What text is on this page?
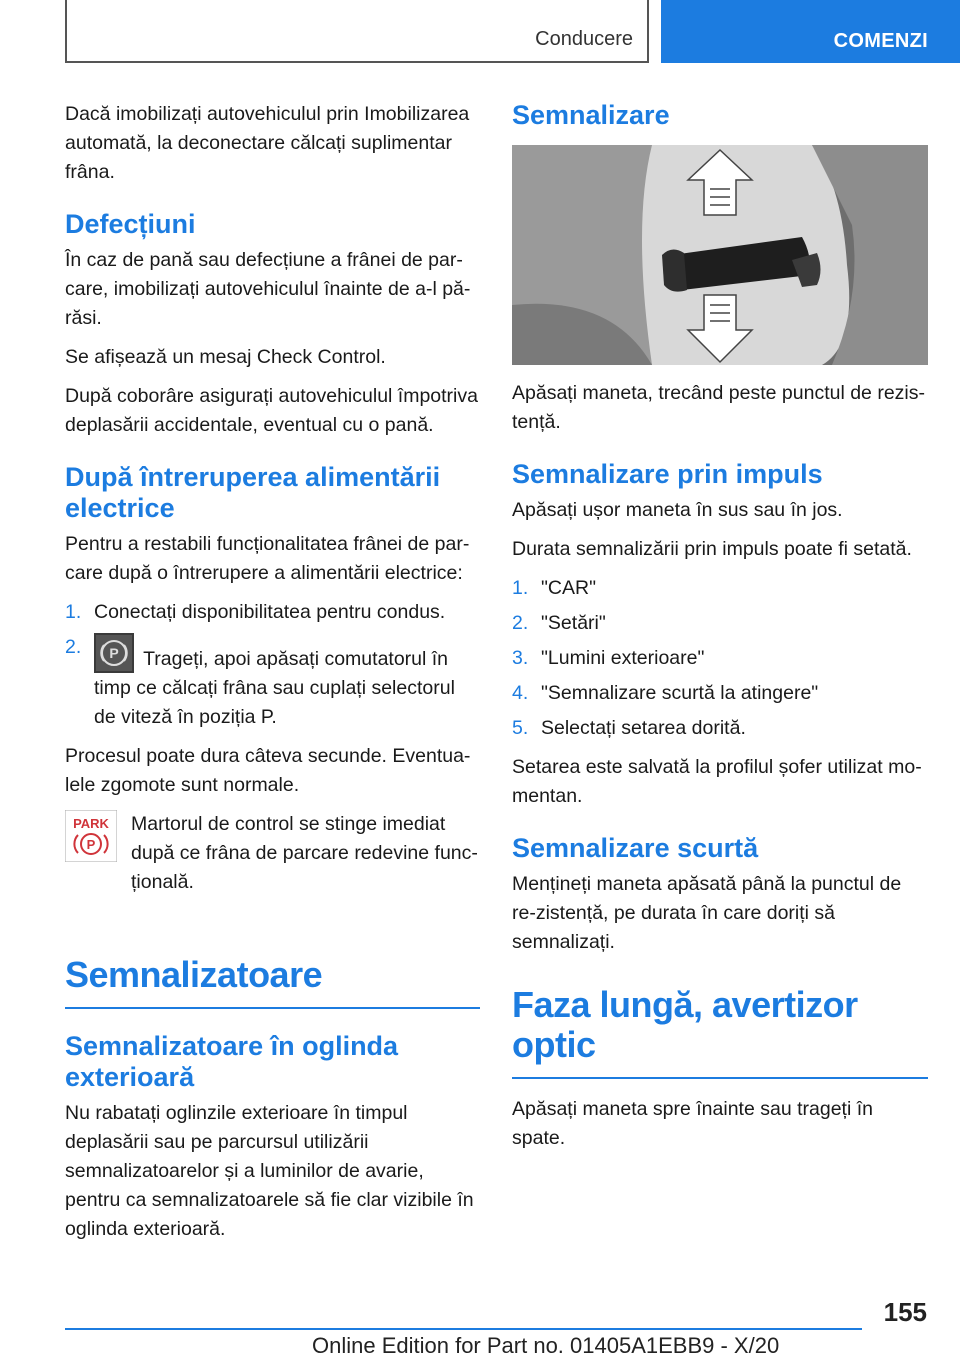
Conducere	COMENZI

Dacă imobilizați autovehiculul prin Imobilizarea automată, la deconectare călcați suplimentar frâna.

Defecțiuni

În caz de pană sau defecțiune a frânei de par-care, imobilizați autovehiculul înainte de a-l pă-răsi.

Se afișează un mesaj Check Control.

După coborâre asigurați autovehiculul împotriva deplasării accidentale, eventual cu o pană.

După întreruperea alimentării electrice

Pentru a restabili funcționalitatea frânei de par-care după o întrerupere a alimentării electrice:

1. Conectați disponibilitatea pentru condus.
2. P Trageți, apoi apăsați comutatorul în timp ce călcați frâna sau cuplați selectorul de viteză în poziția P.

Procesul poate dura câteva secunde. Eventua-lele zgomote sunt normale.

PARK
P
Martorul de control se stinge imediat după ce frâna de parcare redevine func-țională.
Semnalizatoare
Semnalizatoare în oglinda exterioară

Nu rabatați oglinzile exterioare în timpul deplasării sau pe parcursul utilizării semnalizatoarelor și a luminilor de avarie, pentru ca semnalizatoarele să fie clar vizibile în oglinda exterioară.

Semnalizare

Apăsați maneta, trecând peste punctul de rezis-tență.

Semnalizare prin impuls

Apăsați ușor maneta în sus sau în jos.

Durata semnalizării prin impuls poate fi setată.

1. "CAR"
2. "Setări"
3. "Lumini exterioare"
4. "Semnalizare scurtă la atingere"
5. Selectați setarea dorită.

Setarea este salvată la profilul șofer utilizat mo-mentan.

Semnalizare scurtă

Mențineți maneta apăsată până la punctul de re-zistență, pe durata în care doriți să semnalizați.

Faza lungă, avertizor optic

Apăsați maneta spre înainte sau trageți în spate.

155
Online Edition for Part no. 01405A1EBB9 - X/20
